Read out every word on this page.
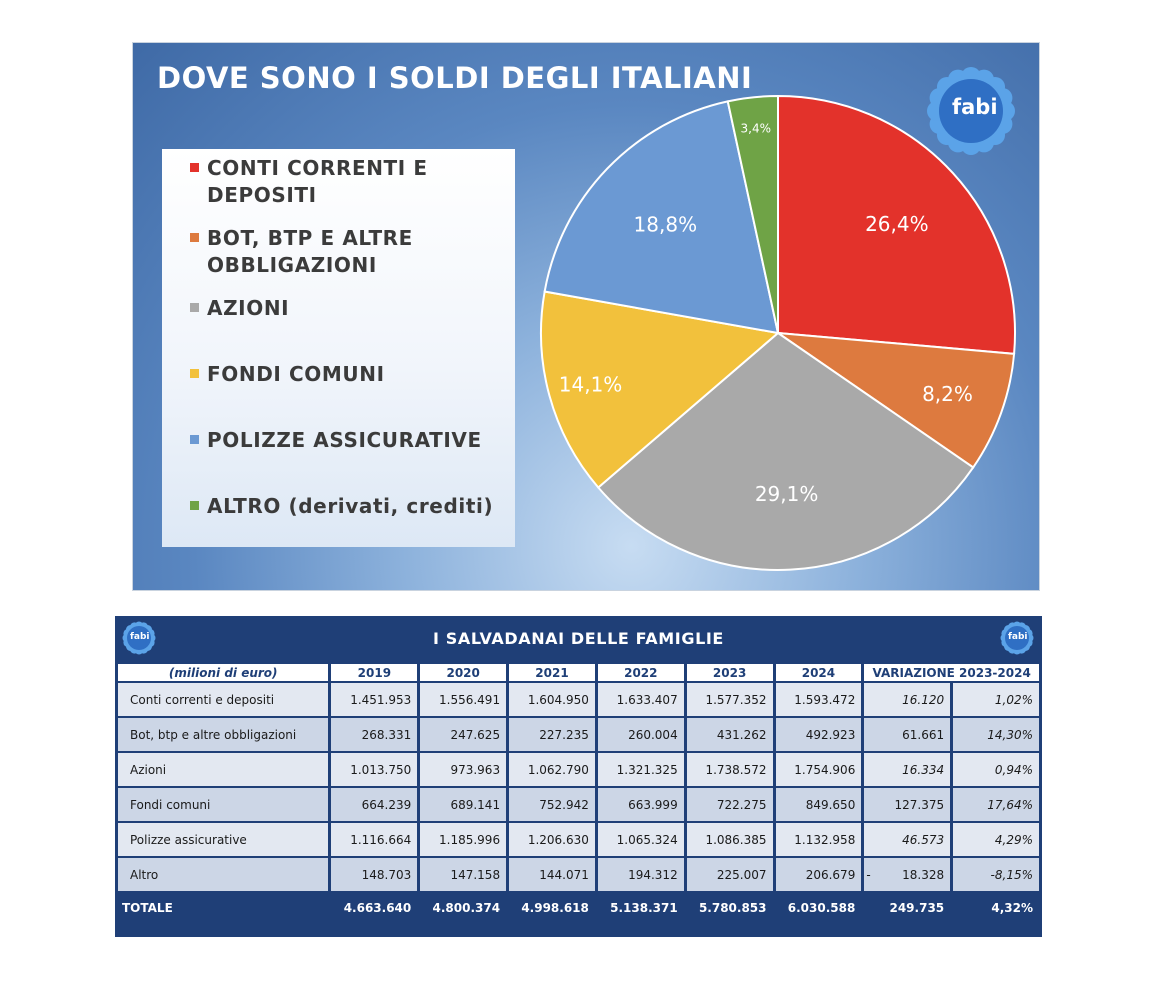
DOVE SONO I SOLDI DEGLI ITALIANI
CONTI CORRENTI E DEPOSITI
BOT, BTP E ALTRE OBBLIGAZIONI
AZIONI
FONDI COMUNI
POLIZZE ASSICURATIVE
ALTRO (derivati, crediti)
26,4%
8,2%
29,1%
14,1%
18,8%
3,4%
fabi
I SALVADANAI DELLE FAMIGLIE
fabi	fabi
(milioni di euro)	2019	2020	2021	2022	2023	2024	VARIAZIONE 2023-2024	
Conti correnti e depositi	1.451.953	1.556.491	1.604.950	1.633.407	1.577.352	1.593.472	16.120	1,02%
Bot, btp e altre obbligazioni	268.331	247.625	227.235	260.004	431.262	492.923	61.661	14,30%
Azioni	1.013.750	973.963	1.062.790	1.321.325	1.738.572	1.754.906	16.334	0,94%
Fondi comuni	664.239	689.141	752.942	663.999	722.275	849.650	127.375	17,64%
Polizze assicurative	1.116.664	1.185.996	1.206.630	1.065.324	1.086.385	1.132.958	46.573	4,29%
Altro	148.703	147.158	144.071	194.312	225.007	206.679	- 18.328	-8,15%
TOTALE	4.663.640	4.800.374	4.998.618	5.138.371	5.780.853	6.030.588	249.735	4,32%
